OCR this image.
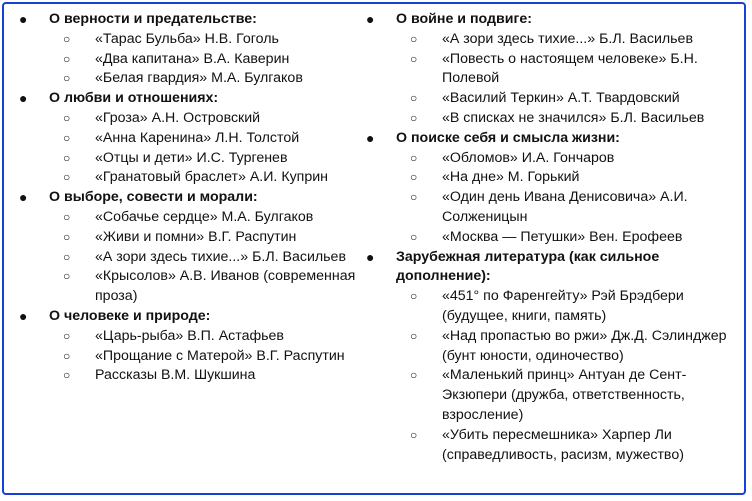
● О верности и предательстве:
○ «Тарас Бульба» Н.В. Гоголь
○ «Два капитана» В.А. Каверин
○ «Белая гвардия» М.А. Булгаков
● О любви и отношениях:
○ «Гроза» А.Н. Островский
○ «Анна Каренина» Л.Н. Толстой
○ «Отцы и дети» И.С. Тургенев
○ «Гранатовый браслет» А.И. Куприн
● О выборе, совести и морали:
○ «Собачье сердце» М.А. Булгаков
○ «Живи и помни» В.Г. Распутин
○ «А зори здесь тихие...» Б.Л. Васильев
○ «Крысолов» А.В. Иванов (современная проза)
● О человеке и природе:
○ «Царь-рыба» В.П. Астафьев
○ «Прощание с Матерой» В.Г. Распутин
○ Рассказы В.М. Шукшина
● О войне и подвиге:
○ «А зори здесь тихие...» Б.Л. Васильев
○ «Повесть о настоящем человеке» Б.Н. Полевой
○ «Василий Теркин» А.Т. Твардовский
○ «В списках не значился» Б.Л. Васильев
● О поиске себя и смысла жизни:
○ «Обломов» И.А. Гончаров
○ «На дне» М. Горький
○ «Один день Ивана Денисовича» А.И. Солженицын
○ «Москва — Петушки» Вен. Ерофеев
● Зарубежная литература (как сильное дополнение):
○ «451° по Фаренгейту» Рэй Брэдбери (будущее, книги, память)
○ «Над пропастью во ржи» Дж.Д. Сэлинджер (бунт юности, одиночество)
○ «Маленький принц» Антуан де Сент-Экзюпери (дружба, ответственность, взросление)
○ «Убить пересмешника» Харпер Ли (справедливость, расизм, мужество)
